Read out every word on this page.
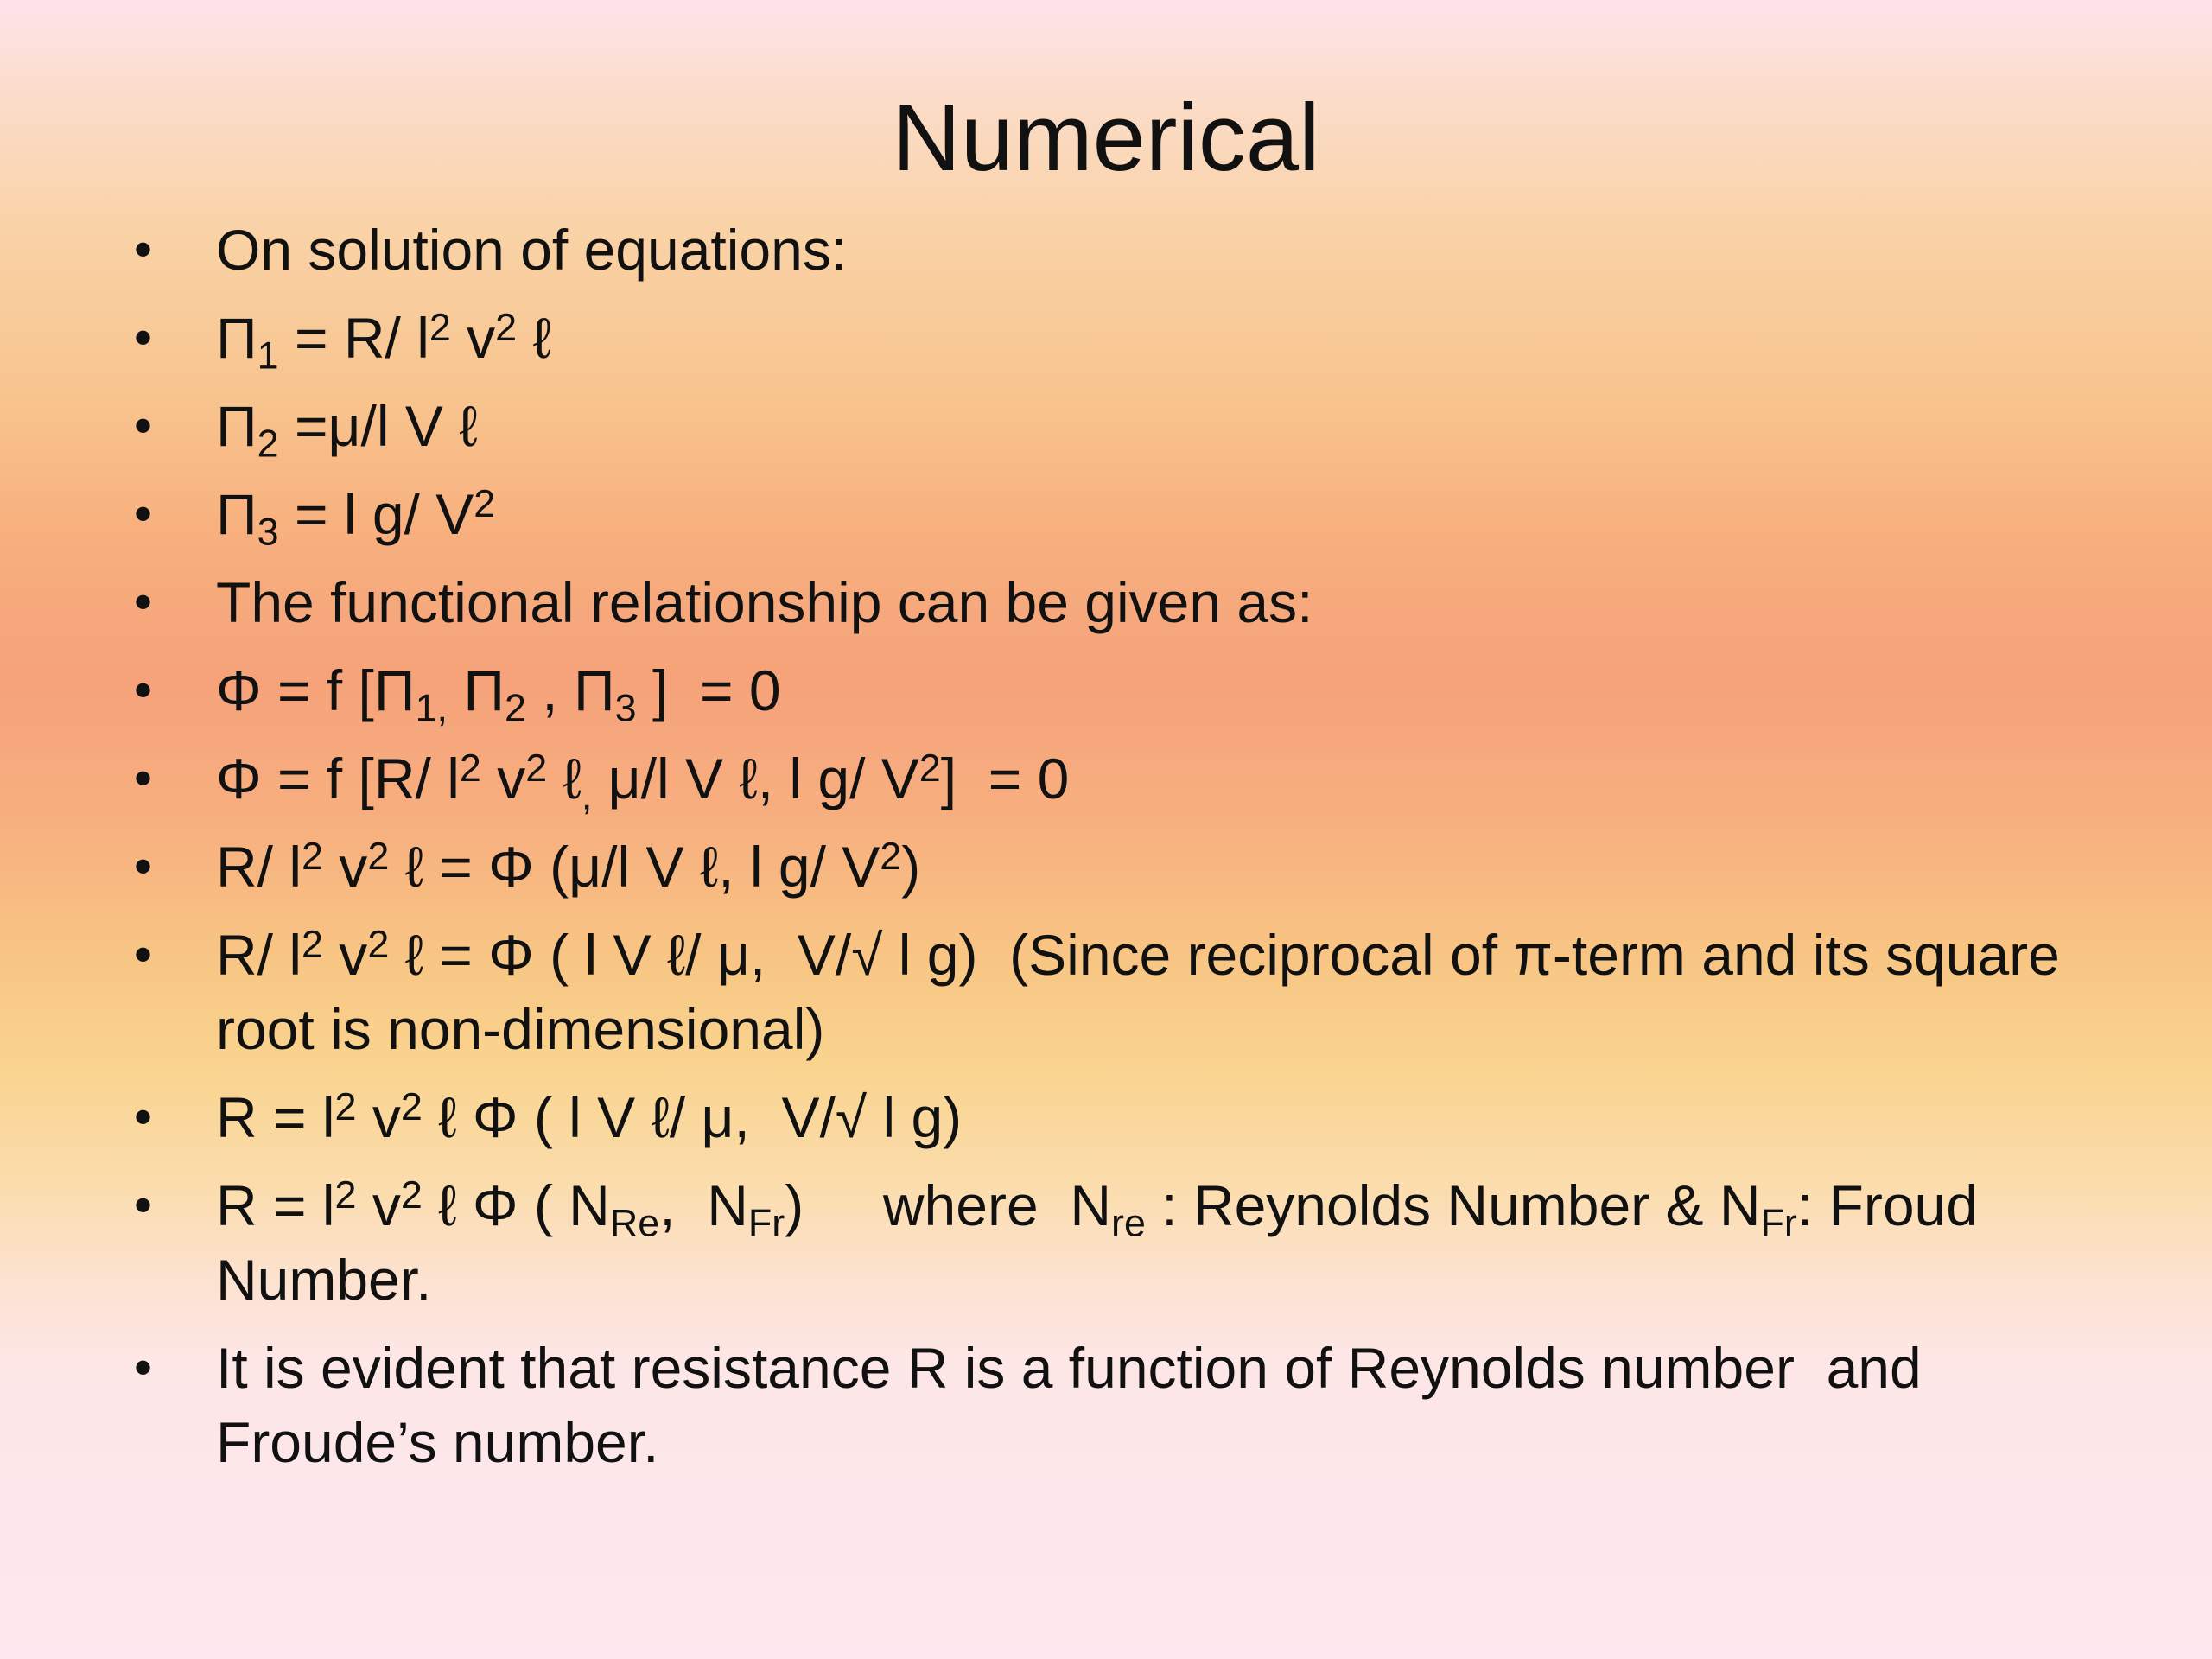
Numerical
•	On solution of equations:
•	$\Pi_1 = R/$ $l^2$ $v^2$ ℓ
•	$\Pi_2 =\mu/l$ V ℓ
•	$\Pi_3 = l$ g/ $V^2$
•	The functional relationship can be given as:
•	Φ = f [$\Pi_{1,}$ $\Pi_2$ , $\Pi_3$ ]  = 0
•	Φ = f [R/ $l^2$ $v^2$ ℓ$_,$ μ/l V ℓ, l g/ $V^2] = 0$
•	R/ $l^2$ $v^2$ ℓ = Φ (μ/l V ℓ, l g/ $V^2$)
•	R/ $l^2$ $v^2$ ℓ = Φ ( l V ℓ/ μ,  V/√ l g)  (Since reciprocal of π-term and its square root is non-dimensional)
•	$R = l^2$ $v^2$ ℓ Φ ( l V ℓ/ μ,  V/√ l g)
•	$R = l^2$ $v^2$ ℓ Φ ( $N_{Re}$,  $N_{Fr}$)     where  $N_{re}$ : Reynolds Number & $N_{Fr}$: Froud Number.
•	It is evident that resistance R is a function of Reynolds number  and Froude’s number.
